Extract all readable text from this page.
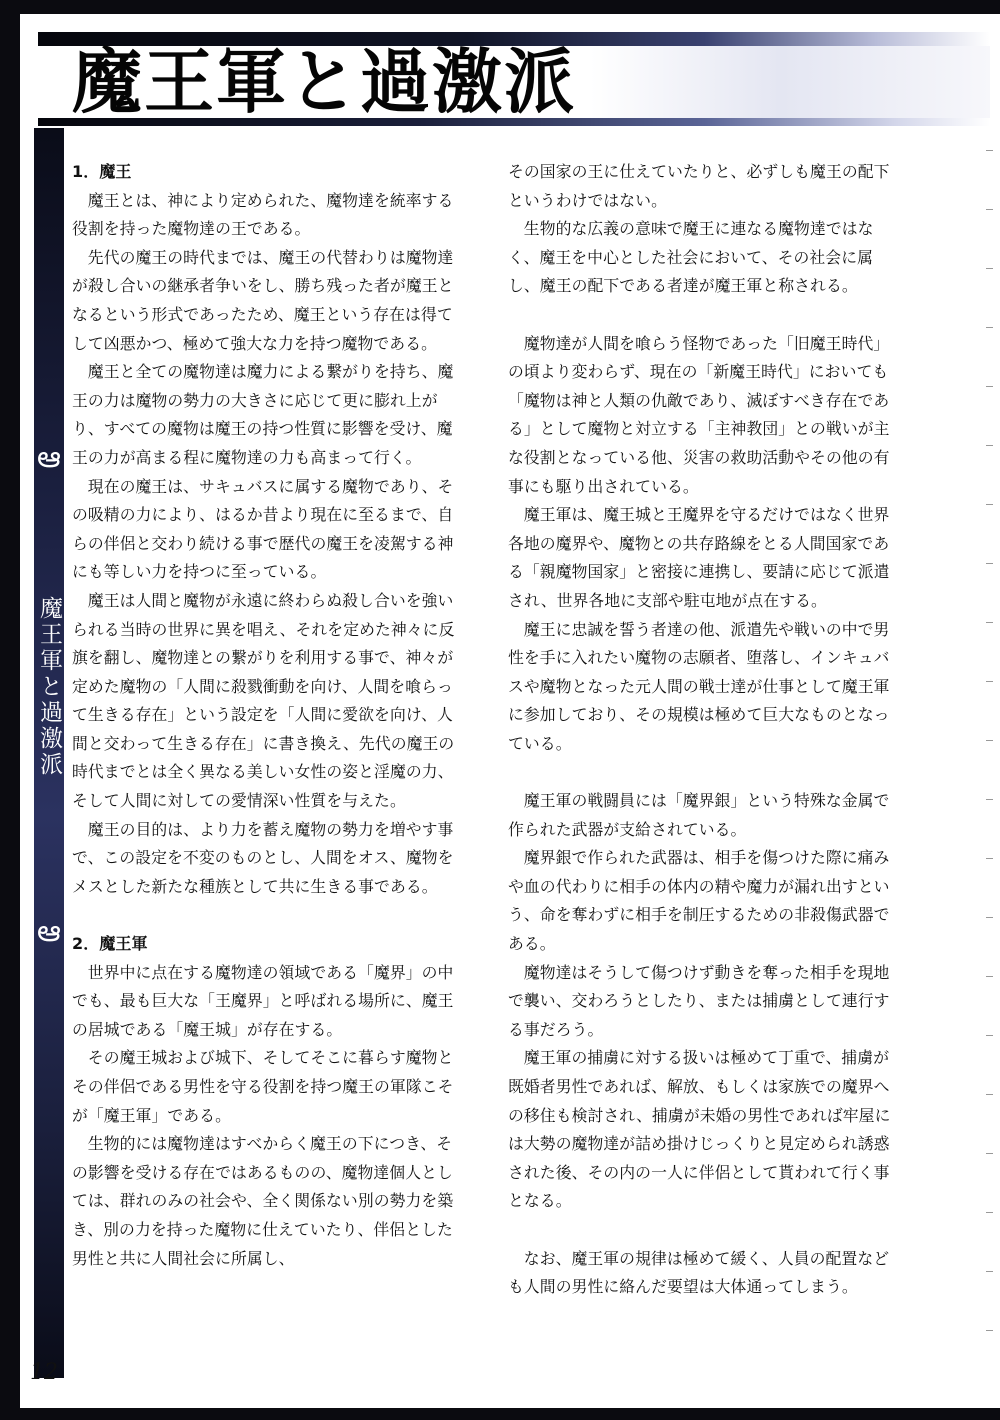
魔王軍と過激派
ఆ
魔王軍と過激派
ఆ
1．魔王

魔王とは、神により定められた、魔物達を統率する役割を持った魔物達の王である。

先代の魔王の時代までは、魔王の代替わりは魔物達が殺し合いの継承者争いをし、勝ち残った者が魔王となるという形式であったため、魔王という存在は得てして凶悪かつ、極めて強大な力を持つ魔物である。

魔王と全ての魔物達は魔力による繋がりを持ち、魔王の力は魔物の勢力の大きさに応じて更に膨れ上がり、すべての魔物は魔王の持つ性質に影響を受け、魔王の力が高まる程に魔物達の力も高まって行く。

現在の魔王は、サキュバスに属する魔物であり、その吸精の力により、はるか昔より現在に至るまで、自らの伴侶と交わり続ける事で歴代の魔王を凌駕する神にも等しい力を持つに至っている。

魔王は人間と魔物が永遠に終わらぬ殺し合いを強いられる当時の世界に異を唱え、それを定めた神々に反旗を翻し、魔物達との繋がりを利用する事で、神々が定めた魔物の「人間に殺戮衝動を向け、人間を喰らって生きる存在」という設定を「人間に愛欲を向け、人間と交わって生きる存在」に書き換え、先代の魔王の時代までとは全く異なる美しい女性の姿と淫魔の力、そして人間に対しての愛情深い性質を与えた。

魔王の目的は、より力を蓄え魔物の勢力を増やす事で、この設定を不変のものとし、人間をオス、魔物をメスとした新たな種族として共に生きる事である。

2．魔王軍

世界中に点在する魔物達の領域である「魔界」の中でも、最も巨大な「王魔界」と呼ばれる場所に、魔王の居城である「魔王城」が存在する。

その魔王城および城下、そしてそこに暮らす魔物とその伴侶である男性を守る役割を持つ魔王の軍隊こそが「魔王軍」である。

生物的には魔物達はすべからく魔王の下につき、その影響を受ける存在ではあるものの、魔物達個人としては、群れのみの社会や、全く関係ない別の勢力を築き、別の力を持った魔物に仕えていたり、伴侶とした男性と共に人間社会に所属し、

その国家の王に仕えていたりと、必ずしも魔王の配下というわけではない。

生物的な広義の意味で魔王に連なる魔物達ではなく、魔王を中心とした社会において、その社会に属し、魔王の配下である者達が魔王軍と称される。

魔物達が人間を喰らう怪物であった「旧魔王時代」の頃より変わらず、現在の「新魔王時代」においても「魔物は神と人類の仇敵であり、滅ぼすべき存在である」として魔物と対立する「主神教団」との戦いが主な役割となっている他、災害の救助活動やその他の有事にも駆り出されている。

魔王軍は、魔王城と王魔界を守るだけではなく世界各地の魔界や、魔物との共存路線をとる人間国家である「親魔物国家」と密接に連携し、要請に応じて派遣され、世界各地に支部や駐屯地が点在する。

魔王に忠誠を誓う者達の他、派遣先や戦いの中で男性を手に入れたい魔物の志願者、堕落し、インキュバスや魔物となった元人間の戦士達が仕事として魔王軍に参加しており、その規模は極めて巨大なものとなっている。

魔王軍の戦闘員には「魔界銀」という特殊な金属で作られた武器が支給されている。

魔界銀で作られた武器は、相手を傷つけた際に痛みや血の代わりに相手の体内の精や魔力が漏れ出すという、命を奪わずに相手を制圧するための非殺傷武器である。

魔物達はそうして傷つけず動きを奪った相手を現地で襲い、交わろうとしたり、または捕虜として連行する事だろう。

魔王軍の捕虜に対する扱いは極めて丁重で、捕虜が既婚者男性であれば、解放、もしくは家族での魔界への移住も検討され、捕虜が未婚の男性であれば牢屋には大勢の魔物達が詰め掛けじっくりと見定められ誘惑された後、その内の一人に伴侶として貰われて行く事となる。

なお、魔王軍の規律は極めて緩く、人員の配置なども人間の男性に絡んだ要望は大体通ってしまう。

12
